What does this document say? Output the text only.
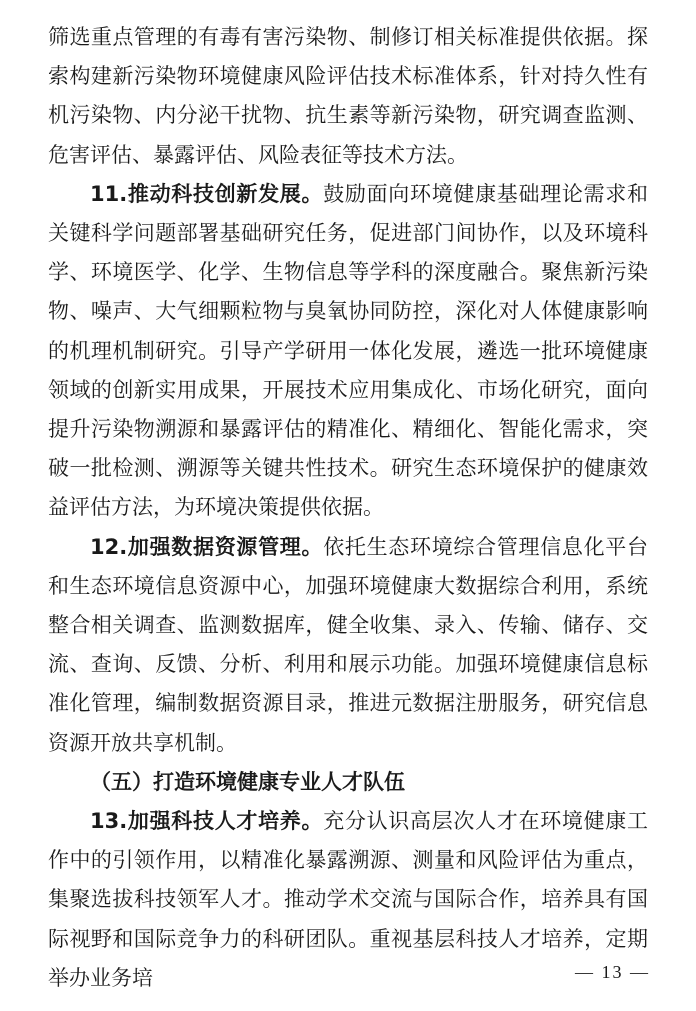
筛选重点管理的有毒有害污染物、制修订相关标准提供依据。探索构建新污染物环境健康风险评估技术标准体系，针对持久性有机污染物、内分泌干扰物、抗生素等新污染物，研究调查监测、危害评估、暴露评估、风险表征等技术方法。

11.推动科技创新发展。鼓励面向环境健康基础理论需求和关键科学问题部署基础研究任务，促进部门间协作，以及环境科学、环境医学、化学、生物信息等学科的深度融合。聚焦新污染物、噪声、大气细颗粒物与臭氧协同防控，深化对人体健康影响的机理机制研究。引导产学研用一体化发展，遴选一批环境健康领域的创新实用成果，开展技术应用集成化、市场化研究，面向提升污染物溯源和暴露评估的精准化、精细化、智能化需求，突破一批检测、溯源等关键共性技术。研究生态环境保护的健康效益评估方法，为环境决策提供依据。

12.加强数据资源管理。依托生态环境综合管理信息化平台和生态环境信息资源中心，加强环境健康大数据综合利用，系统整合相关调查、监测数据库，健全收集、录入、传输、储存、交流、查询、反馈、分析、利用和展示功能。加强环境健康信息标准化管理，编制数据资源目录，推进元数据注册服务，研究信息资源开放共享机制。

（五）打造环境健康专业人才队伍

13.加强科技人才培养。充分认识高层次人才在环境健康工作中的引领作用，以精准化暴露溯源、测量和风险评估为重点，集聚选拔科技领军人才。推动学术交流与国际合作，培养具有国际视野和国际竞争力的科研团队。重视基层科技人才培养，定期举办业务培	— 13 —
